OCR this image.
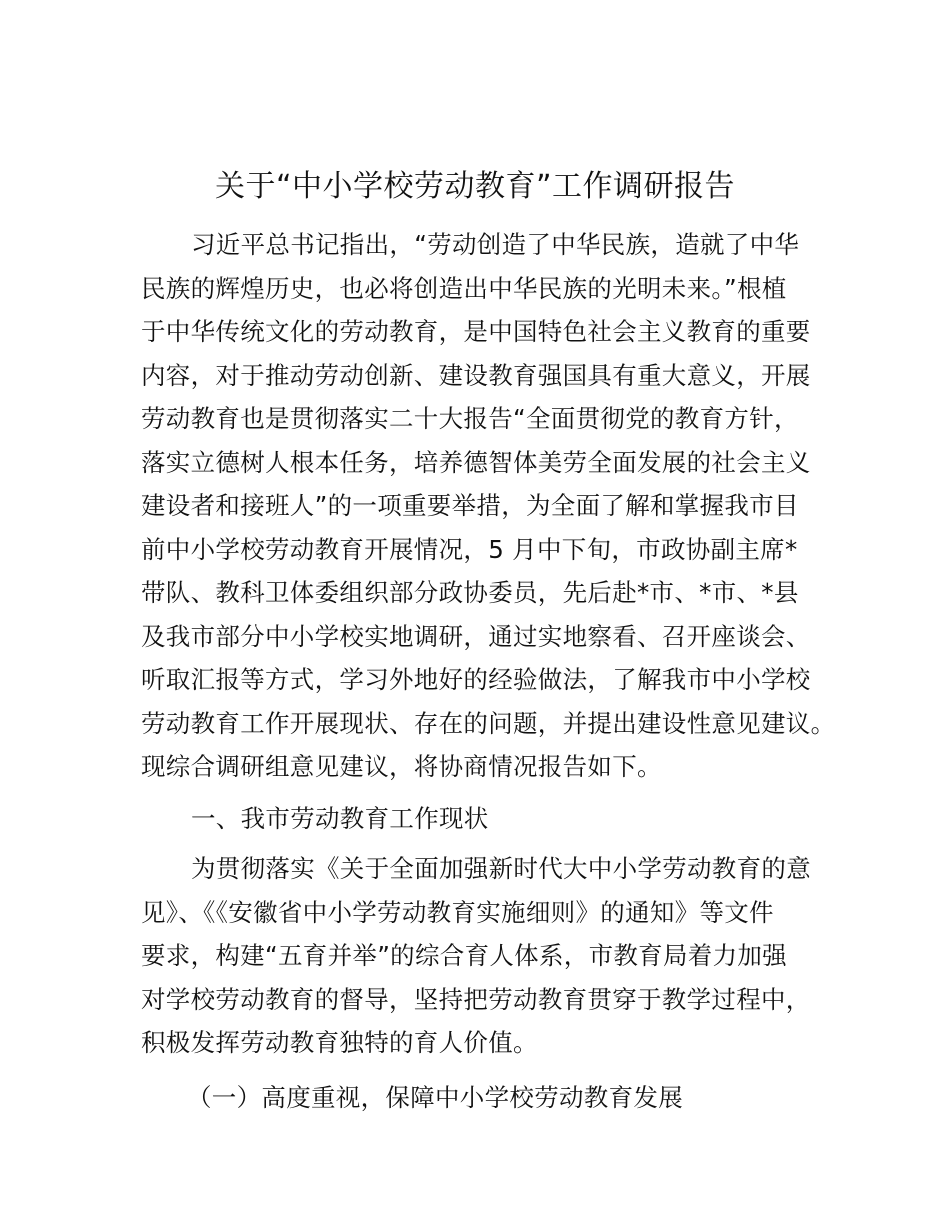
关于“中小学校劳动教育”工作调研报告
习近平总书记指出，“劳动创造了中华民族，造就了中华
民族的辉煌历史，也必将创造出中华民族的光明未来。”根植
于中华传统文化的劳动教育，是中国特色社会主义教育的重要
内容，对于推动劳动创新、建设教育强国具有重大意义，开展
劳动教育也是贯彻落实二十大报告“全面贯彻党的教育方针，
落实立德树人根本任务，培养德智体美劳全面发展的社会主义
建设者和接班人”的一项重要举措，为全面了解和掌握我市目
前中小学校劳动教育开展情况，5 月中下旬，市政协副主席*
带队、教科卫体委组织部分政协委员，先后赴*市、*市、*县
及我市部分中小学校实地调研，通过实地察看、召开座谈会、
听取汇报等方式，学习外地好的经验做法，了解我市中小学校
劳动教育工作开展现状、存在的问题，并提出建设性意见建议。
现综合调研组意见建议，将协商情况报告如下。
一、我市劳动教育工作现状
为贯彻落实《关于全面加强新时代大中小学劳动教育的意
见》、《《安徽省中小学劳动教育实施细则》的通知》等文件
要求，构建“五育并举”的综合育人体系，市教育局着力加强
对学校劳动教育的督导，坚持把劳动教育贯穿于教学过程中，
积极发挥劳动教育独特的育人价值。
（一）高度重视，保障中小学校劳动教育发展
